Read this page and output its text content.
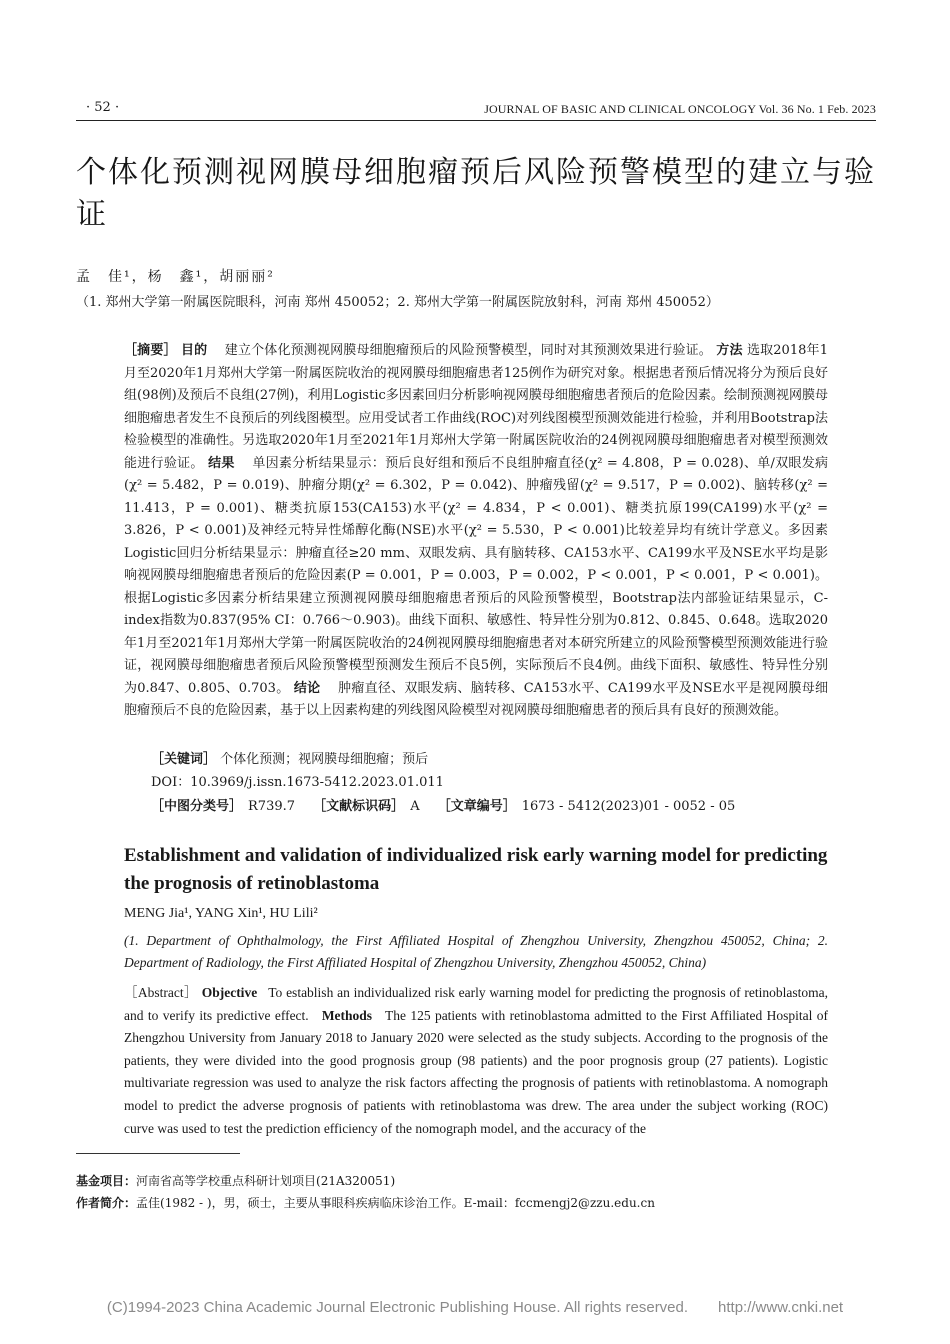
· 52 ·	JOURNAL OF BASIC AND CLINICAL ONCOLOGY Vol. 36 No. 1 Feb. 2023
个体化预测视网膜母细胞瘤预后风险预警模型的建立与验证
孟　佳¹，杨　鑫¹，胡丽丽²
（1. 郑州大学第一附属医院眼科，河南 郑州 450052；2. 郑州大学第一附属医院放射科，河南 郑州 450052）

［摘要］ 目的　 建立个体化预测视网膜母细胞瘤预后的风险预警模型，同时对其预测效果进行验证。 方法 选取2018年1月至2020年1月郑州大学第一附属医院收治的视网膜母细胞瘤患者125例作为研究对象。根据患者预后情况将分为预后良好组(98例)及预后不良组(27例)，利用Logistic多因素回归分析影响视网膜母细胞瘤患者预后的危险因素。绘制预测视网膜母细胞瘤患者发生不良预后的列线图模型。应用受试者工作曲线(ROC)对列线图模型预测效能进行检验，并利用Bootstrap法检验模型的准确性。另选取2020年1月至2021年1月郑州大学第一附属医院收治的24例视网膜母细胞瘤患者对模型预测效能进行验证。 结果　 单因素分析结果显示：预后良好组和预后不良组肿瘤直径(χ² = 4.808，P = 0.028)、单/双眼发病(χ² = 5.482，P = 0.019)、肿瘤分期(χ² = 6.302，P = 0.042)、肿瘤残留(χ² = 9.517，P = 0.002)、脑转移(χ² = 11.413，P = 0.001)、糖类抗原153(CA153)水平(χ² = 4.834，P < 0.001)、糖类抗原199(CA199)水平(χ² = 3.826，P < 0.001)及神经元特异性烯醇化酶(NSE)水平(χ² = 5.530，P < 0.001)比较差异均有统计学意义。多因素Logistic回归分析结果显示：肿瘤直径≥20 mm、双眼发病、具有脑转移、CA153水平、CA199水平及NSE水平均是影响视网膜母细胞瘤患者预后的危险因素(P = 0.001，P = 0.003，P = 0.002，P < 0.001，P < 0.001，P < 0.001)。根据Logistic多因素分析结果建立预测视网膜母细胞瘤患者预后的风险预警模型，Bootstrap法内部验证结果显示，C-index指数为0.837(95% CI：0.766～0.903)。曲线下面积、敏感性、特异性分别为0.812、0.845、0.648。选取2020年1月至2021年1月郑州大学第一附属医院收治的24例视网膜母细胞瘤患者对本研究所建立的风险预警模型预测效能进行验证，视网膜母细胞瘤患者预后风险预警模型预测发生预后不良5例，实际预后不良4例。曲线下面积、敏感性、特异性分别为0.847、0.805、0.703。 结论　 肿瘤直径、双眼发病、脑转移、CA153水平、CA199水平及NSE水平是视网膜母细胞瘤预后不良的危险因素，基于以上因素构建的列线图风险模型对视网膜母细胞瘤患者的预后具有良好的预测效能。

［关键词］ 个体化预测；视网膜母细胞瘤；预后
DOI：10.3969/j.issn.1673-5412.2023.01.011
［中图分类号］ R739.7 ［文献标识码］ A ［文章编号］ 1673 - 5412(2023)01 - 0052 - 05
Establishment and validation of individualized risk early warning model for predicting the prognosis of retinoblastoma
MENG Jia¹, YANG Xin¹, HU Lili²
(1. Department of Ophthalmology, the First Affiliated Hospital of Zhengzhou University, Zhengzhou 450052, China; 2. Department of Radiology, the First Affiliated Hospital of Zhengzhou University, Zhengzhou 450052, China)
［Abstract］ Objective To establish an individualized risk early warning model for predicting the prognosis of retinoblastoma, and to verify its predictive effect. Methods The 125 patients with retinoblastoma admitted to the First Affiliated Hospital of Zhengzhou University from January 2018 to January 2020 were selected as the study subjects. According to the prognosis of the patients, they were divided into the good prognosis group (98 patients) and the poor prognosis group (27 patients). Logistic multivariate regression was used to analyze the risk factors affecting the prognosis of patients with retinoblastoma. A nomograph model to predict the adverse prognosis of patients with retinoblastoma was drew. The area under the subject working (ROC) curve was used to test the prediction efficiency of the nomograph model, and the accuracy of the
基金项目：河南省高等学校重点科研计划项目(21A320051)
作者简介：孟佳(1982 - )，男，硕士，主要从事眼科疾病临床诊治工作。E-mail：fccmengj2@zzu.edu.cn
(C)1994-2023 China Academic Journal Electronic Publishing House. All rights reserved.　　http://www.cnki.net
